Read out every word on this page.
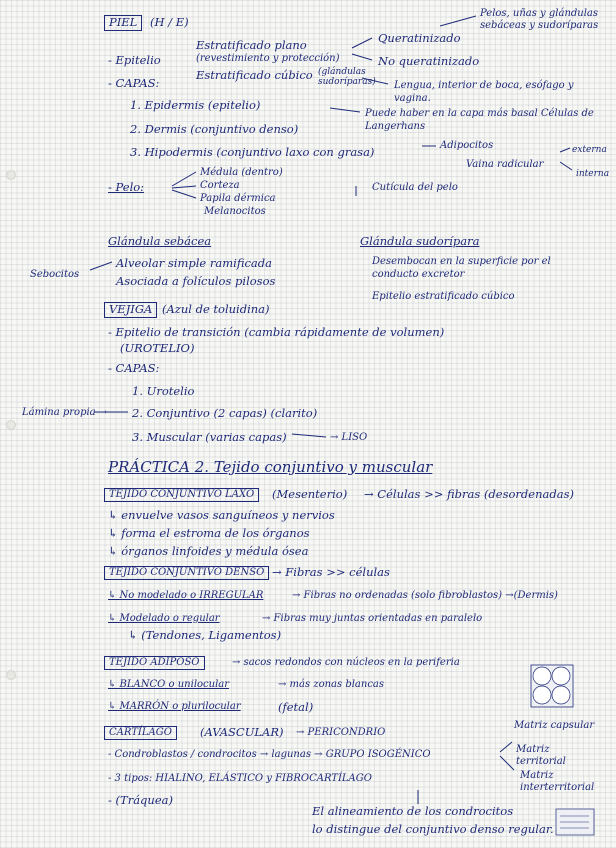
PIEL	(H / E)
Pelos, uñas y glándulas sebáceas y sudoríparas
- Epitelio
Estratificado plano
(revestimiento y protección)
Estratificado cúbico (glándulas sudoríparas)
Queratinizado
No queratinizado
Lengua, interior de boca, esófago y vagina.
- CAPAS:
1. Epidermis (epitelio)
2. Dermis (conjuntivo denso)
3. Hipodermis (conjuntivo laxo con grasa)	Adipocitos
Puede haber en la capa más basal Células de Langerhans
Vaina radicular
externa
interna
- Pelo:
Médula (dentro)
Corteza
Papila dérmica
Melanocitos
Cutícula del pelo
Glándula sebácea
Alveolar simple ramificada
Asociada a folículos pilosos
Sebocitos
Glándula sudorípara
Desembocan en la superficie por el conducto excretor
Epitelio estratificado cúbico
VEJIGA (Azul de toluidina)
- Epitelio de transición (cambia rápidamente de volumen)
(UROTELIO)
- CAPAS:
1. Urotelio
2. Conjuntivo (2 capas) (clarito)
3. Muscular (varias capas)	→ LISO
Lámina propia →
PRÁCTICA 2. Tejido conjuntivo y muscular
TEJIDO CONJUNTIVO LAXO	(Mesenterio) → Células >> fibras (desordenadas)
↳ envuelve vasos sanguíneos y nervios
↳ forma el estroma de los órganos
↳ órganos linfoides y médula ósea
TEJIDO CONJUNTIVO DENSO → Fibras >> células
↳ No modelado o IRREGULAR	→ Fibras no ordenadas (solo fibroblastos) →(Dermis)
↳ Modelado o regular	→ Fibras muy juntas orientadas en paralelo
↳ (Tendones, Ligamentos)
TEJIDO ADIPOSO	→ sacos redondos con núcleos en la periferia
↳ BLANCO o unilocular	→ más zonas blancas
↳ MARRÓN o plurilocular	(fetal)
CARTÍLAGO	(AVASCULAR) → PERICONDRIO
- Condroblastos / condrocitos → lagunas → GRUPO ISOGÉNICO
- 3 tipos: HIALINO, ELÁSTICO y FIBROCARTÍLAGO
- (Tráquea)
Matriz capsular
Matriz territorial
Matriz interterritorial
El alineamiento de los condrocitos
lo distingue del conjuntivo denso regular.
